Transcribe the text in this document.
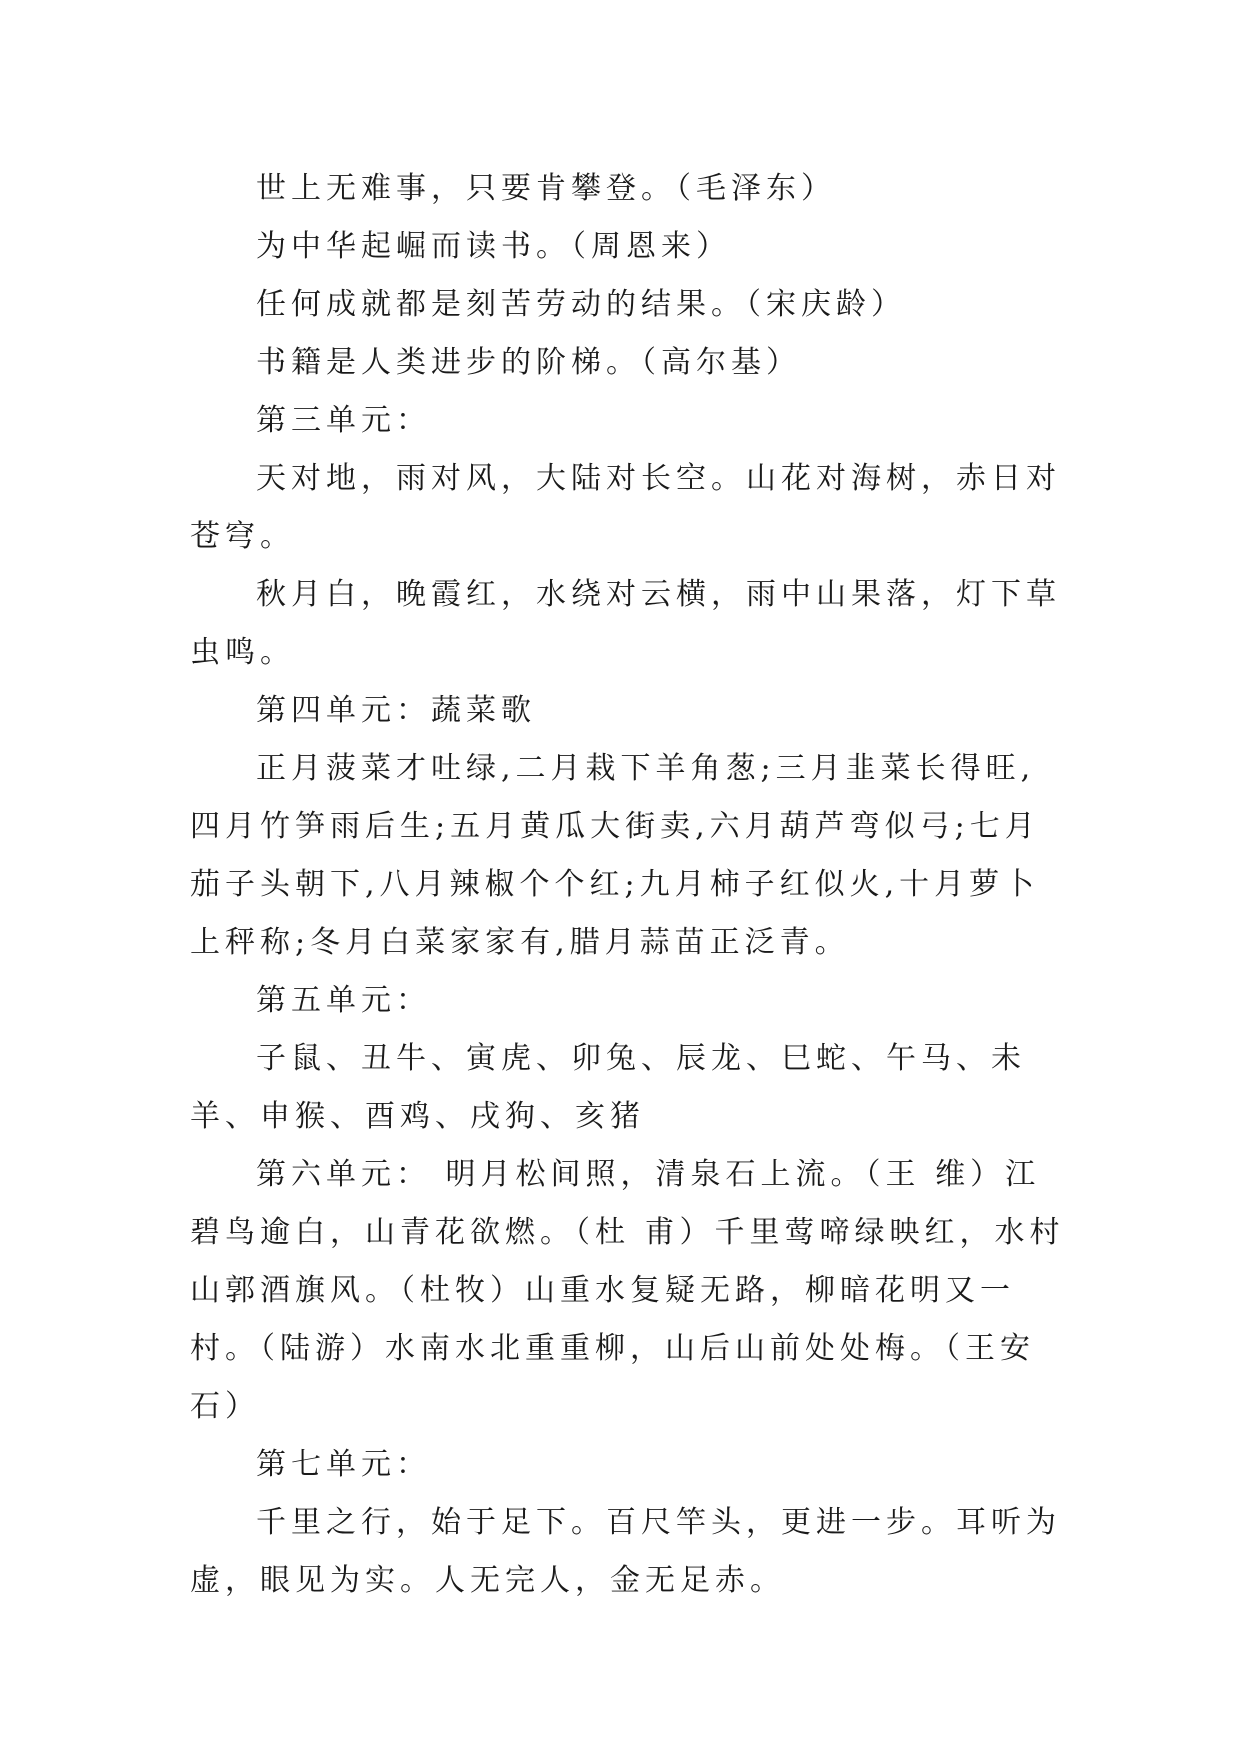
世上无难事，只要肯攀登。（毛泽东）

为中华起崛而读书。（周恩来）

任何成就都是刻苦劳动的结果。（宋庆龄）

书籍是人类进步的阶梯。（高尔基）

第三单元：

天对地，雨对风，大陆对长空。山花对海树，赤日对苍穹。

秋月白，晚霞红，水绕对云横，雨中山果落，灯下草虫鸣。

第四单元：蔬菜歌

正月菠菜才吐绿,二月栽下羊角葱;三月韭菜长得旺,四月竹笋雨后生;五月黄瓜大街卖,六月葫芦弯似弓;七月茄子头朝下,八月辣椒个个红;九月柿子红似火,十月萝卜上秤称;冬月白菜家家有,腊月蒜苗正泛青。

第五单元：

子鼠、丑牛、寅虎、卯兔、辰龙、巳蛇、午马、未羊、申猴、酉鸡、戌狗、亥猪

第六单元： 明月松间照，清泉石上流。（王 维）江碧鸟逾白，山青花欲燃。（杜 甫）千里莺啼绿映红，水村山郭酒旗风。（杜牧）山重水复疑无路，柳暗花明又一村。（陆游）水南水北重重柳，山后山前处处梅。（王安石）

第七单元：

千里之行，始于足下。百尺竿头，更进一步。耳听为虚，眼见为实。人无完人，金无足赤。
